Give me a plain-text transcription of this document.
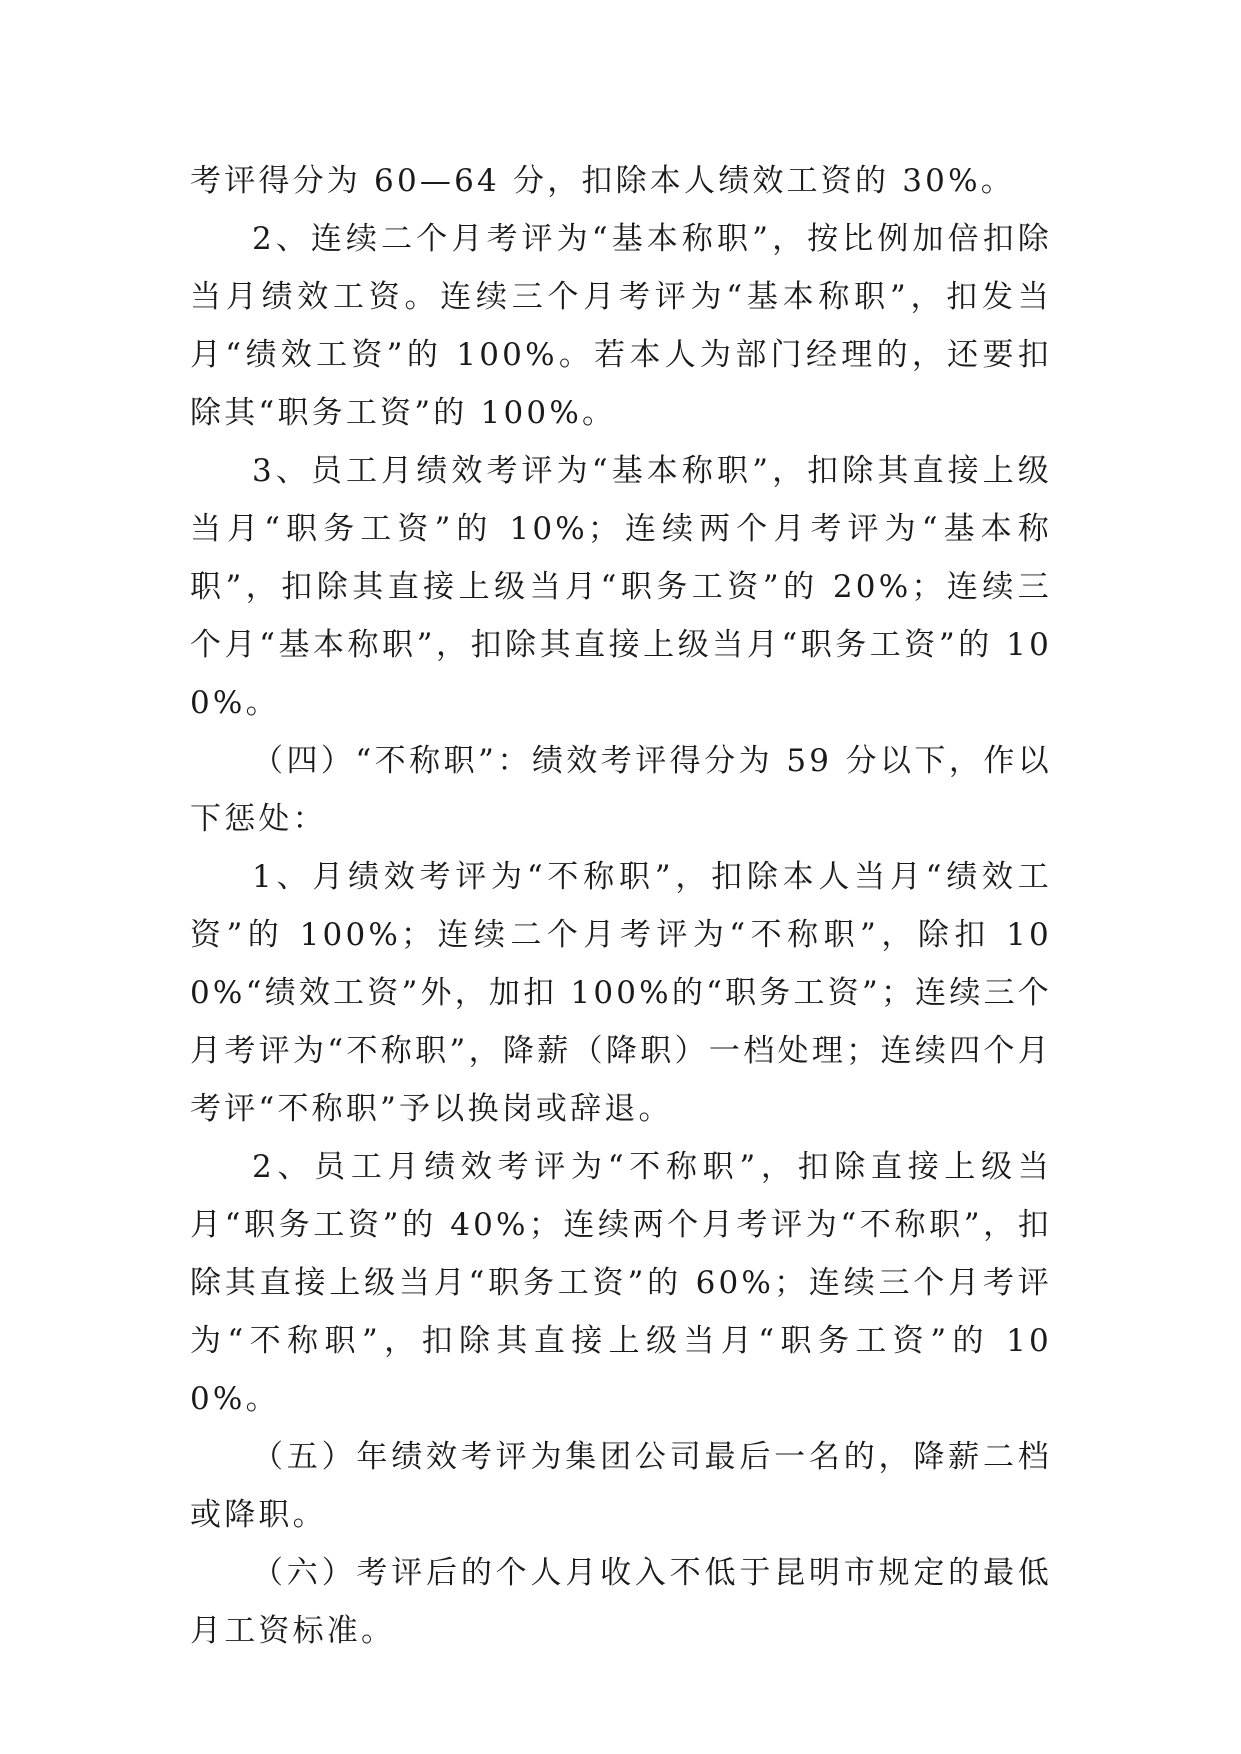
考评得分为 60—64 分，扣除本人绩效工资的 30%。

2、连续二个月考评为“基本称职”，按比例加倍扣除当月绩效工资。连续三个月考评为“基本称职”，扣发当月“绩效工资”的 100%。若本人为部门经理的，还要扣除其“职务工资”的 100%。

3、员工月绩效考评为“基本称职”，扣除其直接上级当月“职务工资”的 10%；连续两个月考评为“基本称职”，扣除其直接上级当月“职务工资”的 20%；连续三个月“基本称职”，扣除其直接上级当月“职务工资”的 100%。

（四）“不称职”：绩效考评得分为 59 分以下，作以下惩处：

1、月绩效考评为“不称职”，扣除本人当月“绩效工资”的 100%；连续二个月考评为“不称职”，除扣 100%“绩效工资”外，加扣 100%的“职务工资”；连续三个月考评为“不称职”，降薪（降职）一档处理；连续四个月考评“不称职”予以换岗或辞退。

2、员工月绩效考评为“不称职”，扣除直接上级当月“职务工资”的 40%；连续两个月考评为“不称职”，扣除其直接上级当月“职务工资”的 60%；连续三个月考评为“不称职”，扣除其直接上级当月“职务工资”的 100%。

（五）年绩效考评为集团公司最后一名的，降薪二档或降职。

（六）考评后的个人月收入不低于昆明市规定的最低月工资标准。
